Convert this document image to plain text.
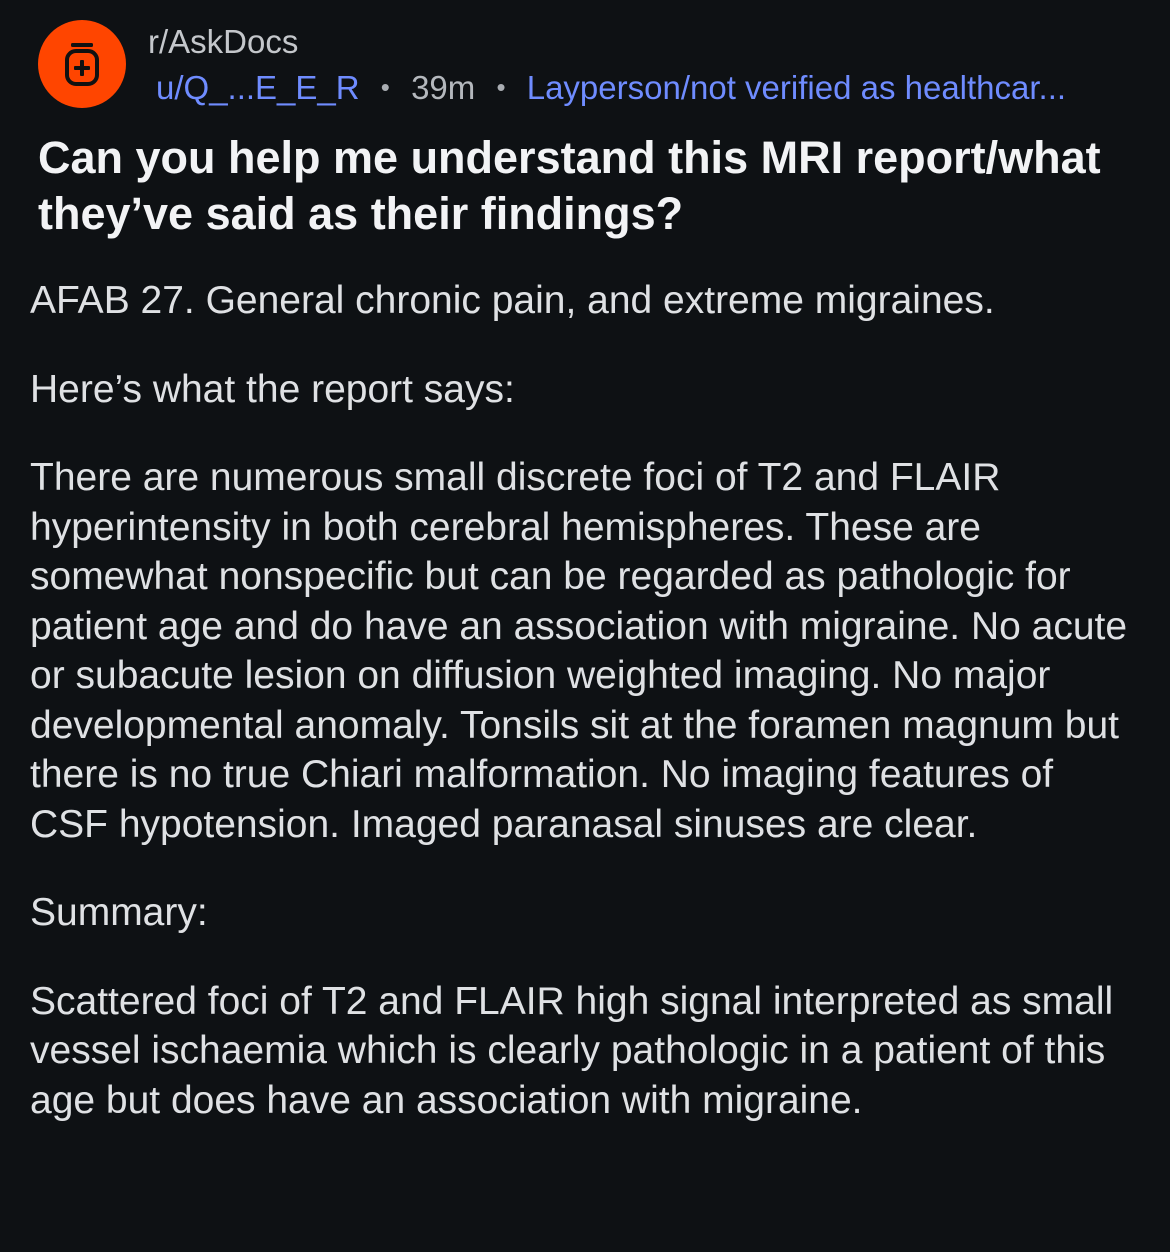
r/AskDocs
u/Q_...E_E_R • 39m • Layperson/not verified as healthcar...
Can you help me understand this MRI report/what they’ve said as their findings?

AFAB 27. General chronic pain, and extreme migraines.

Here’s what the report says:

There are numerous small discrete foci of T2 and FLAIR hyperintensity in both cerebral hemispheres. These are somewhat nonspecific but can be regarded as pathologic for patient age and do have an association with migraine. No acute or subacute lesion on diffusion weighted imaging. No major developmental anomaly. Tonsils sit at the foramen magnum but there is no true Chiari malformation. No imaging features of CSF hypotension. Imaged paranasal sinuses are clear.

Summary:

Scattered foci of T2 and FLAIR high signal interpreted as small vessel ischaemia which is clearly pathologic in a patient of this age but does have an association with migraine.
